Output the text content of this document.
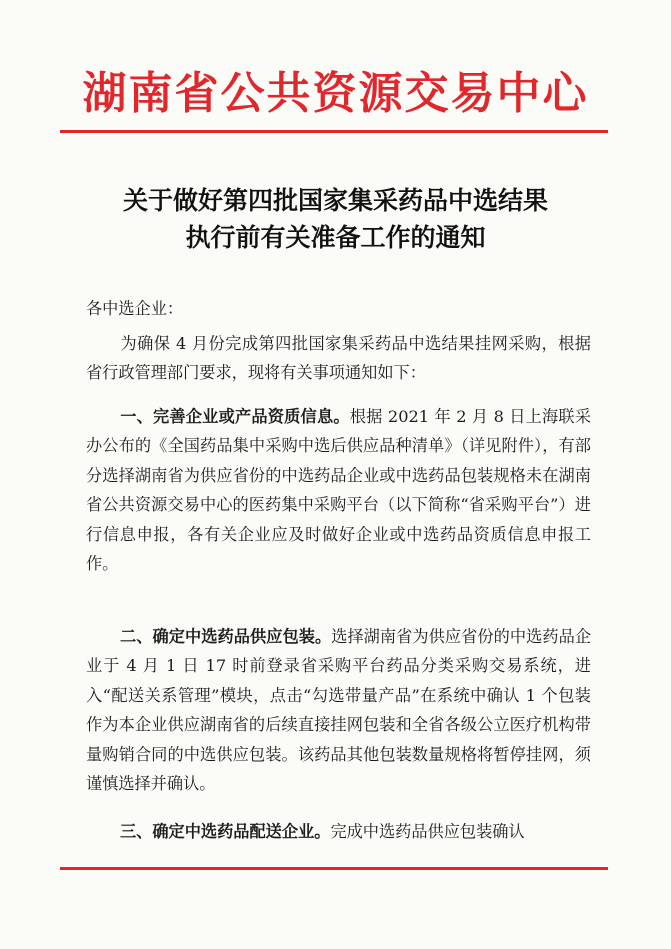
湖南省公共资源交易中心
关于做好第四批国家集采药品中选结果
执行前有关准备工作的通知
各中选企业：

为确保 4 月份完成第四批国家集采药品中选结果挂网采购，根据省行政管理部门要求，现将有关事项通知如下：

一、完善企业或产品资质信息。根据 2021 年 2 月 8 日上海联采办公布的《全国药品集中采购中选后供应品种清单》（详见附件），有部分选择湖南省为供应省份的中选药品企业或中选药品包装规格未在湖南省公共资源交易中心的医药集中采购平台（以下简称“省采购平台”）进行信息申报，各有关企业应及时做好企业或中选药品资质信息申报工作。

二、确定中选药品供应包装。选择湖南省为供应省份的中选药品企业于 4 月 1 日 17 时前登录省采购平台药品分类采购交易系统，进入“配送关系管理”模块，点击“勾选带量产品”在系统中确认 1 个包装作为本企业供应湖南省的后续直接挂网包装和全省各级公立医疗机构带量购销合同的中选供应包装。该药品其他包装数量规格将暂停挂网，须谨慎选择并确认。

三、确定中选药品配送企业。完成中选药品供应包装确认
